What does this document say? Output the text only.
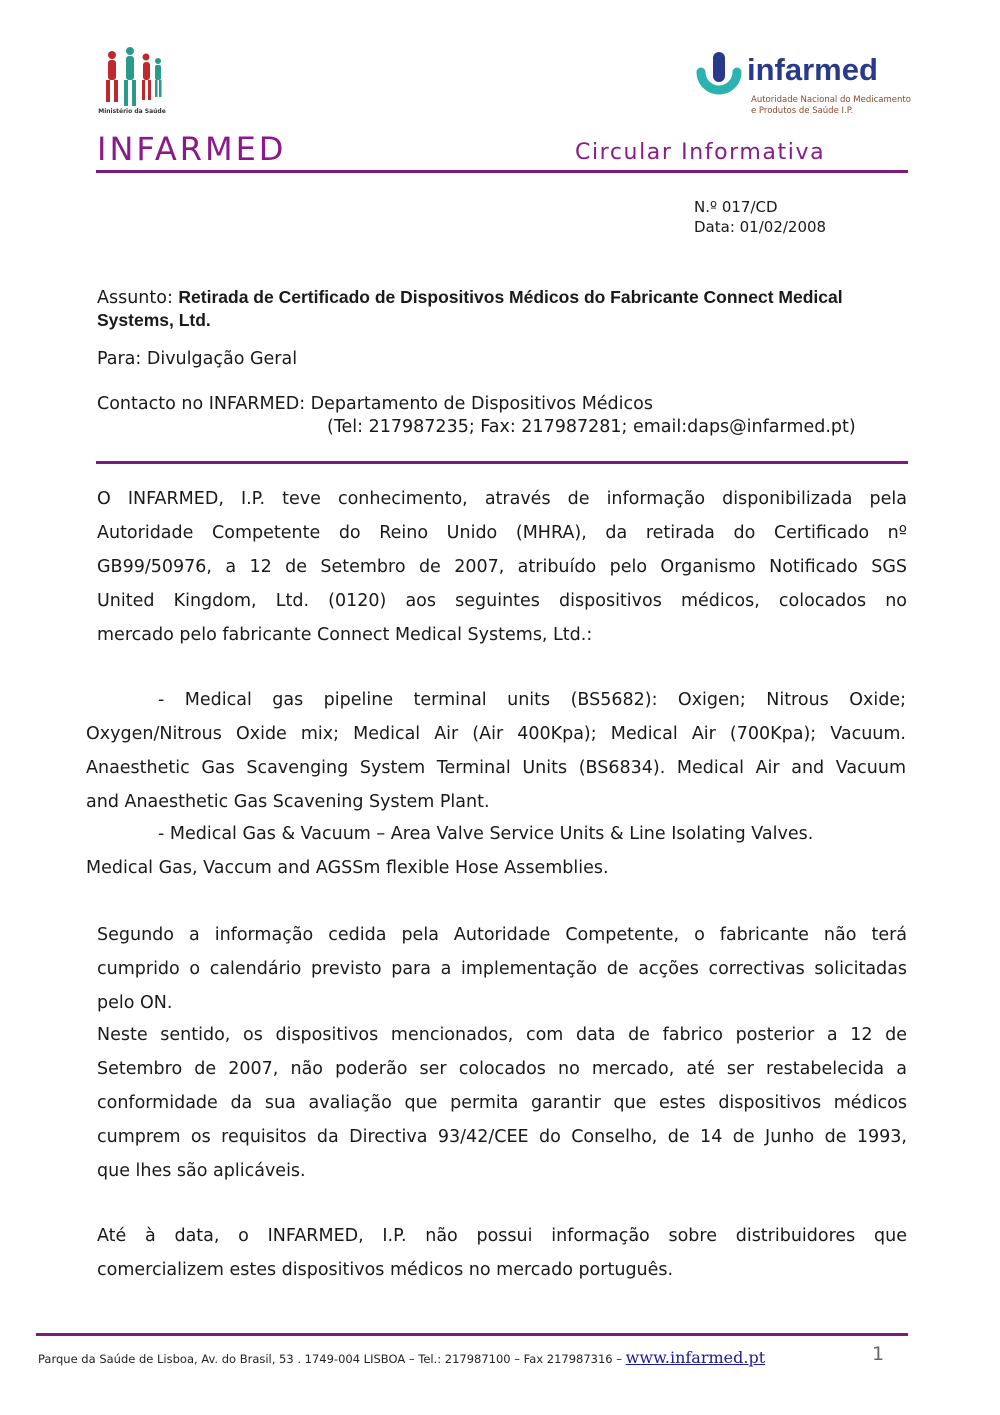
Ministério da Saúde
infarmed
Autoridade Nacional do Medicamento
e Produtos de Saúde I.P.
INFARMED	Circular Informativa
N.º 017/CD
Data: 01/02/2008
Assunto: Retirada de Certificado de Dispositivos Médicos do Fabricante Connect Medical
Systems, Ltd.
Para: Divulgação Geral
Contacto no INFARMED: Departamento de Dispositivos Médicos
(Tel: 217987235; Fax: 217987281; email:daps@infarmed.pt)
O INFARMED, I.P. teve conhecimento, através de informação disponibilizada pela
Autoridade Competente do Reino Unido (MHRA), da retirada do Certificado nº
GB99/50976, a 12 de Setembro de 2007, atribuído pelo Organismo Notificado SGS
United Kingdom, Ltd. (0120) aos seguintes dispositivos médicos, colocados no
mercado pelo fabricante Connect Medical Systems, Ltd.:
- Medical gas pipeline terminal units (BS5682): Oxigen; Nitrous Oxide;
Oxygen/Nitrous Oxide mix; Medical Air (Air 400Kpa); Medical Air (700Kpa); Vacuum.
Anaesthetic Gas Scavenging System Terminal Units (BS6834). Medical Air and Vacuum
and Anaesthetic Gas Scavening System Plant.
- Medical Gas & Vacuum – Area Valve Service Units & Line Isolating Valves.
Medical Gas, Vaccum and AGSSm flexible Hose Assemblies.
Segundo a informação cedida pela Autoridade Competente, o fabricante não terá
cumprido o calendário previsto para a implementação de acções correctivas solicitadas
pelo ON.
Neste sentido, os dispositivos mencionados, com data de fabrico posterior a 12 de
Setembro de 2007, não poderão ser colocados no mercado, até ser restabelecida a
conformidade da sua avaliação que permita garantir que estes dispositivos médicos
cumprem os requisitos da Directiva 93/42/CEE do Conselho, de 14 de Junho de 1993,
que lhes são aplicáveis.
Até à data, o INFARMED, I.P. não possui informação sobre distribuidores que
comercializem estes dispositivos médicos no mercado português.
Parque da Saúde de Lisboa, Av. do Brasil, 53 . 1749-004 LISBOA – Tel.: 217987100 – Fax 217987316 – www.infarmed.pt	1
